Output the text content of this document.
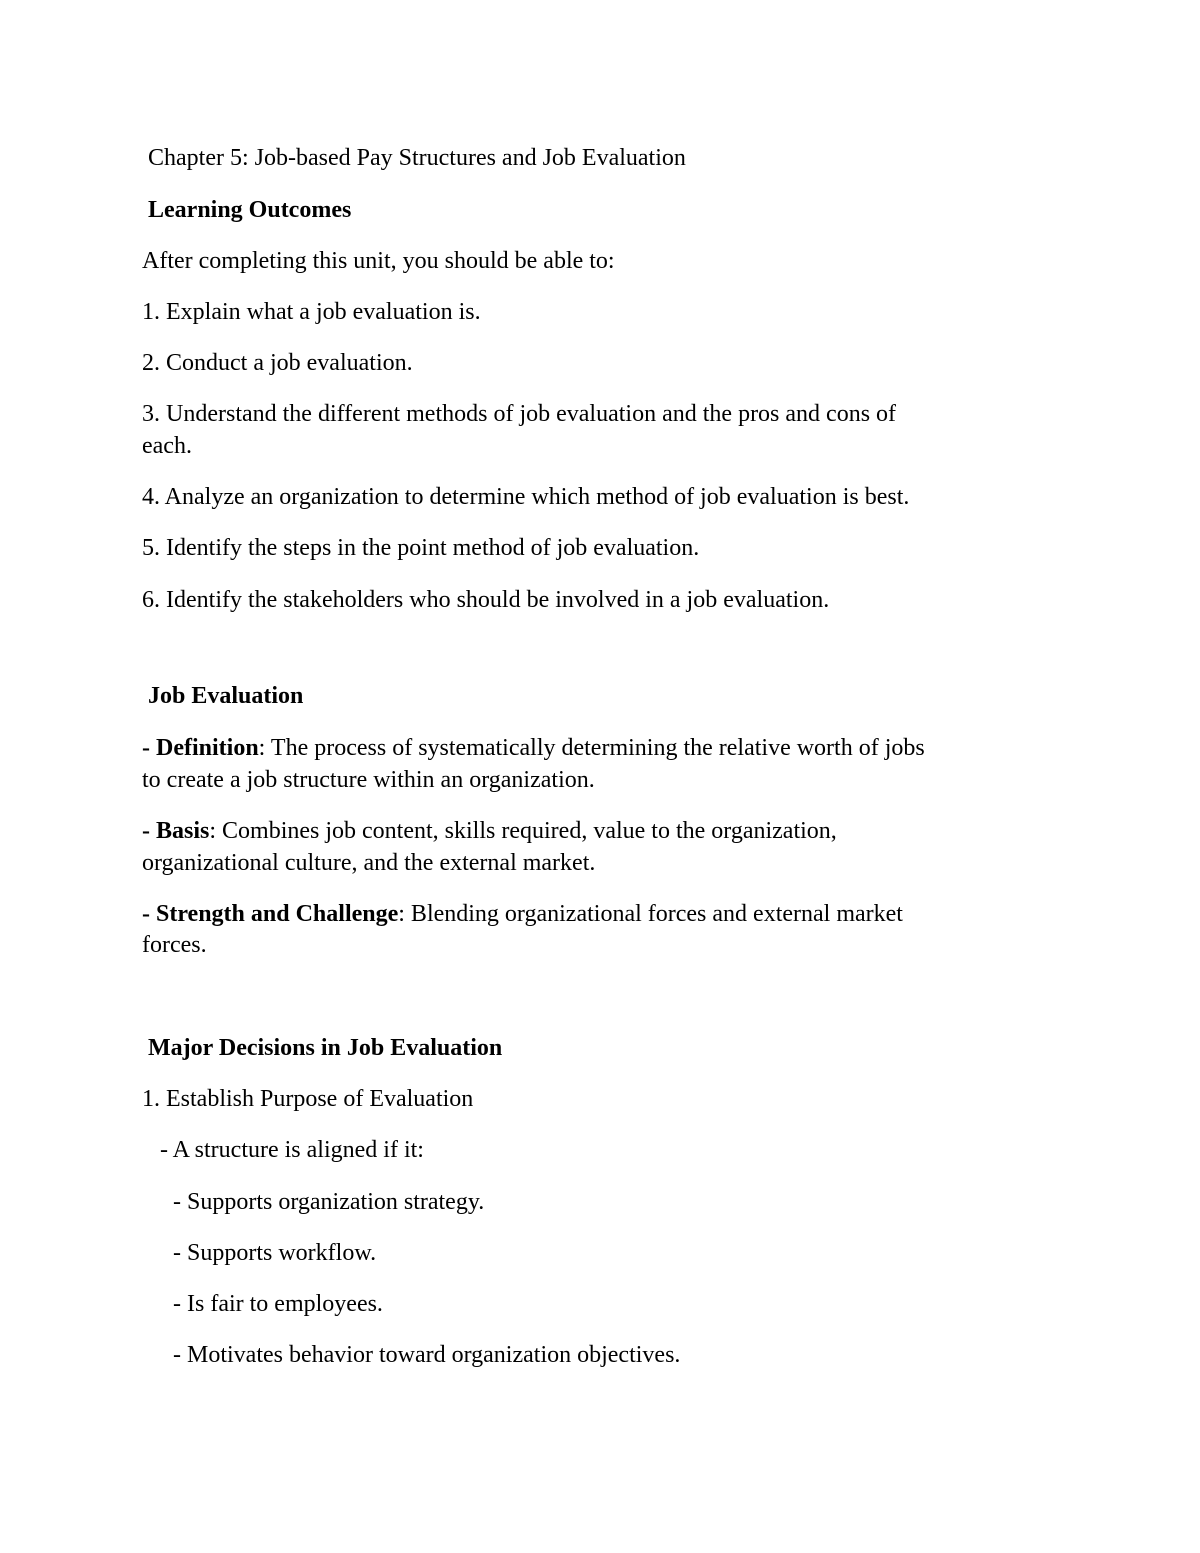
Chapter 5: Job-based Pay Structures and Job Evaluation

Learning Outcomes

After completing this unit, you should be able to:

1. Explain what a job evaluation is.

2. Conduct a job evaluation.

3. Understand the different methods of job evaluation and the pros and cons of

each.

4. Analyze an organization to determine which method of job evaluation is best.

5. Identify the steps in the point method of job evaluation.

6. Identify the stakeholders who should be involved in a job evaluation.

Job Evaluation

- Definition: The process of systematically determining the relative worth of jobs

to create a job structure within an organization.

- Basis: Combines job content, skills required, value to the organization,

organizational culture, and the external market.

- Strength and Challenge: Blending organizational forces and external market

forces.

Major Decisions in Job Evaluation

1. Establish Purpose of Evaluation

- A structure is aligned if it:

- Supports organization strategy.

- Supports workflow.

- Is fair to employees.

- Motivates behavior toward organization objectives.
